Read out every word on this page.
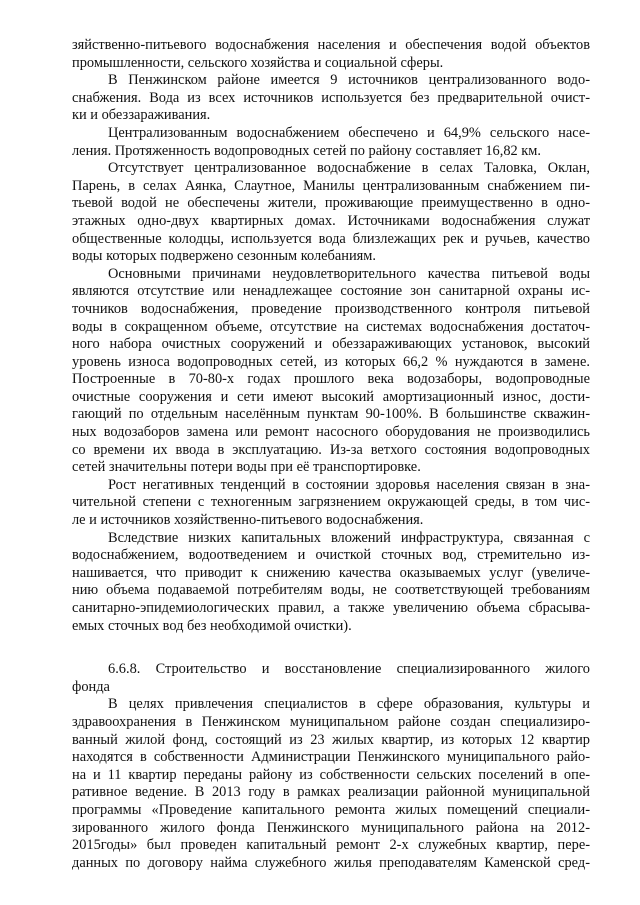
зяйственно-питьевого водоснабжения населения и обеспечения водой объектов
промышленности, сельского хозяйства и социальной сферы.
В Пенжинском районе имеется 9 источников централизованного водо-
снабжения. Вода из всех источников используется без предварительной очист-
ки и обеззараживания.
Централизованным водоснабжением обеспечено и 64,9% сельского насе-
ления. Протяженность водопроводных сетей по району составляет 16,82 км.
Отсутствует централизованное водоснабжение в селах Таловка, Оклан,
Парень, в селах Аянка, Слаутное, Манилы централизованным снабжением пи-
тьевой водой не обеспечены жители, проживающие преимущественно в одно-
этажных одно-двух квартирных домах. Источниками водоснабжения служат
общественные колодцы, используется вода близлежащих рек и ручьев, качество
воды которых подвержено сезонным колебаниям.
Основными причинами неудовлетворительного качества питьевой воды
являются отсутствие или ненадлежащее состояние зон санитарной охраны ис-
точников водоснабжения, проведение производственного контроля питьевой
воды в сокращенном объеме, отсутствие на системах водоснабжения достаточ-
ного набора очистных сооружений и обеззараживающих установок, высокий
уровень износа водопроводных сетей, из которых 66,2 % нуждаются в замене.
Построенные в 70-80-х годах прошлого века водозаборы, водопроводные
очистные сооружения и сети имеют высокий амортизационный износ, дости-
гающий по отдельным населённым пунктам 90-100%. В большинстве скважин-
ных водозаборов замена или ремонт насосного оборудования не производились
со времени их ввода в эксплуатацию. Из-за ветхого состояния водопроводных
сетей значительны потери воды при её транспортировке.
Рост негативных тенденций в состоянии здоровья населения связан в зна-
чительной степени с техногенным загрязнением окружающей среды, в том чис-
ле и источников хозяйственно-питьевого водоснабжения.
Вследствие низких капитальных вложений инфраструктура, связанная с
водоснабжением, водоотведением и очисткой сточных вод, стремительно из-
нашивается, что приводит к снижению качества оказываемых услуг (увеличе-
нию объема подаваемой потребителям воды, не соответствующей требованиям
санитарно-эпидемиологических правил, а также увеличению объема сбрасыва-
емых сточных вод без необходимой очистки).
6.6.8. Строительство и восстановление специализированного жилого
фонда
В целях привлечения специалистов в сфере образования, культуры и
здравоохранения в Пенжинском муниципальном районе создан специализиро-
ванный жилой фонд, состоящий из 23 жилых квартир, из которых 12 квартир
находятся в собственности Администрации Пенжинского муниципального райо-
на и 11 квартир переданы району из собственности сельских поселений в опе-
ративное ведение. В 2013 году в рамках реализации районной муниципальной
программы «Проведение капитального ремонта жилых помещений специали-
зированного жилого фонда Пенжинского муниципального района на 2012-
2015годы» был проведен капитальный ремонт 2-х служебных квартир, пере-
данных по договору найма служебного жилья преподавателям Каменской сред-
